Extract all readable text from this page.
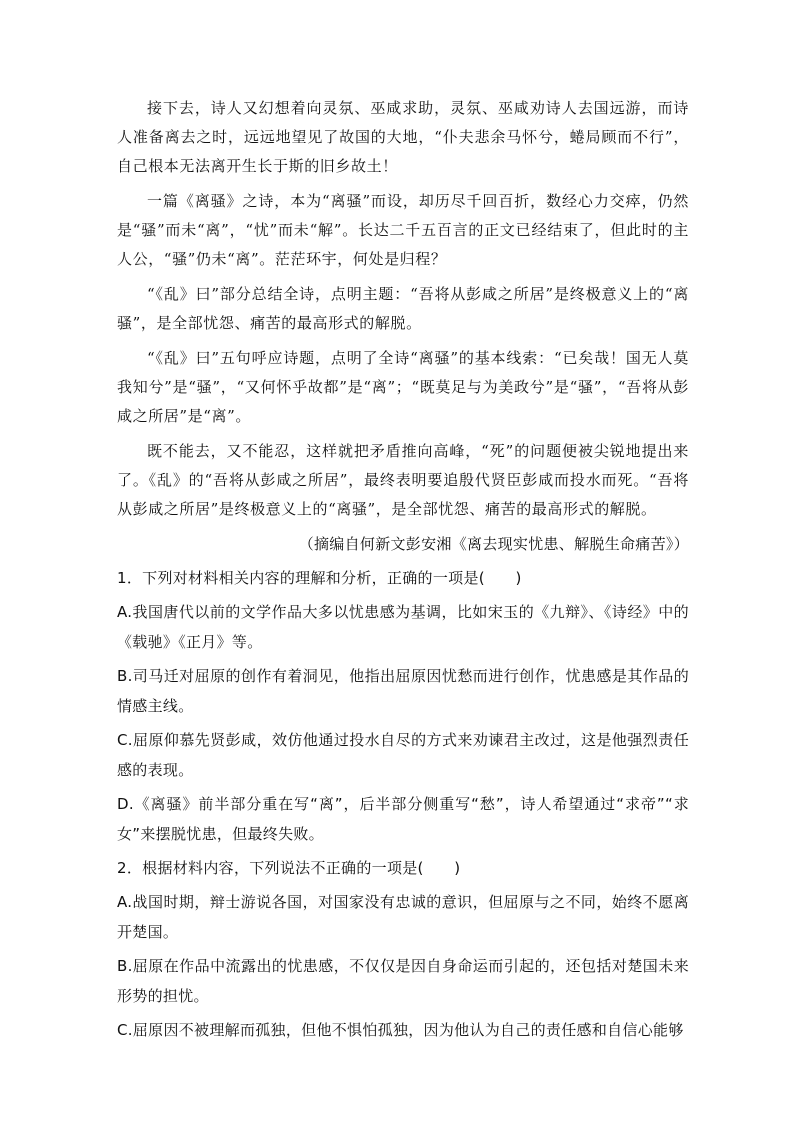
接下去，诗人又幻想着向灵氛、巫咸求助，灵氛、巫咸劝诗人去国远游，而诗人准备离去之时，远远地望见了故国的大地，“仆夫悲余马怀兮，蜷局顾而不行”，自己根本无法离开生长于斯的旧乡故土！

一篇《离骚》之诗，本为“离骚”而设，却历尽千回百折，数经心力交瘁，仍然是“骚”而未“离”，“忧”而未“解”。长达二千五百言的正文已经结束了，但此时的主人公，“骚”仍未“离”。茫茫环宇，何处是归程？

“《乱》曰”部分总结全诗，点明主题：“吾将从彭咸之所居”是终极意义上的“离骚”，是全部忧怨、痛苦的最高形式的解脱。

“《乱》曰”五句呼应诗题，点明了全诗“离骚”的基本线索：“已矣哉！国无人莫我知兮”是“骚”，“又何怀乎故都”是“离”；“既莫足与为美政兮”是“骚”，“吾将从彭咸之所居”是“离”。

既不能去，又不能忍，这样就把矛盾推向高峰，“死”的问题便被尖锐地提出来了。《乱》的“吾将从彭咸之所居”，最终表明要追殷代贤臣彭咸而投水而死。“吾将从彭咸之所居”是终极意义上的“离骚”，是全部忧怨、痛苦的最高形式的解脱。

（摘编自何新文彭安湘《离去现实忧患、解脱生命痛苦》）

1．下列对材料相关内容的理解和分析，正确的一项是(　　)

A.我国唐代以前的文学作品大多以忧患感为基调，比如宋玉的《九辩》、《诗经》中的《载驰》《正月》等。

B.司马迁对屈原的创作有着洞见，他指出屈原因忧愁而进行创作，忧患感是其作品的情感主线。

C.屈原仰慕先贤彭咸，效仿他通过投水自尽的方式来劝谏君主改过，这是他强烈责任感的表现。

D.《离骚》前半部分重在写“离”，后半部分侧重写“愁”，诗人希望通过“求帝”“求女”来摆脱忧患，但最终失败。

2．根据材料内容，下列说法不正确的一项是(　　)

A.战国时期，辩士游说各国，对国家没有忠诚的意识，但屈原与之不同，始终不愿离开楚国。

B.屈原在作品中流露出的忧患感，不仅仅是因自身命运而引起的，还包括对楚国未来形势的担忧。

C.屈原因不被理解而孤独，但他不惧怕孤独，因为他认为自己的责任感和自信心能够
